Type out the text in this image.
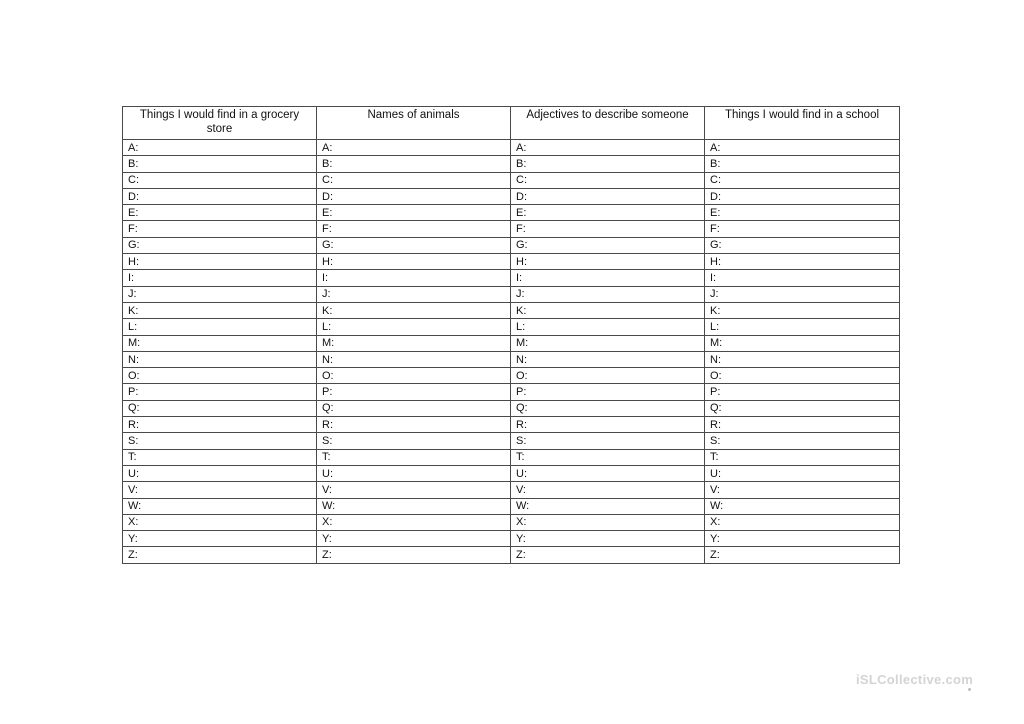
Things I would find in a grocery store	Names of animals	Adjectives to describe someone	Things I would find in a school
A:	A:	A:	A:
B:	B:	B:	B:
C:	C:	C:	C:
D:	D:	D:	D:
E:	E:	E:	E:
F:	F:	F:	F:
G:	G:	G:	G:
H:	H:	H:	H:
I:	I:	I:	I:
J:	J:	J:	J:
K:	K:	K:	K:
L:	L:	L:	L:
M:	M:	M:	M:
N:	N:	N:	N:
O:	O:	O:	O:
P:	P:	P:	P:
Q:	Q:	Q:	Q:
R:	R:	R:	R:
S:	S:	S:	S:
T:	T:	T:	T:
U:	U:	U:	U:
V:	V:	V:	V:
W:	W:	W:	W:
X:	X:	X:	X:
Y:	Y:	Y:	Y:
Z:	Z:	Z:	Z:
iSLCollective.com
